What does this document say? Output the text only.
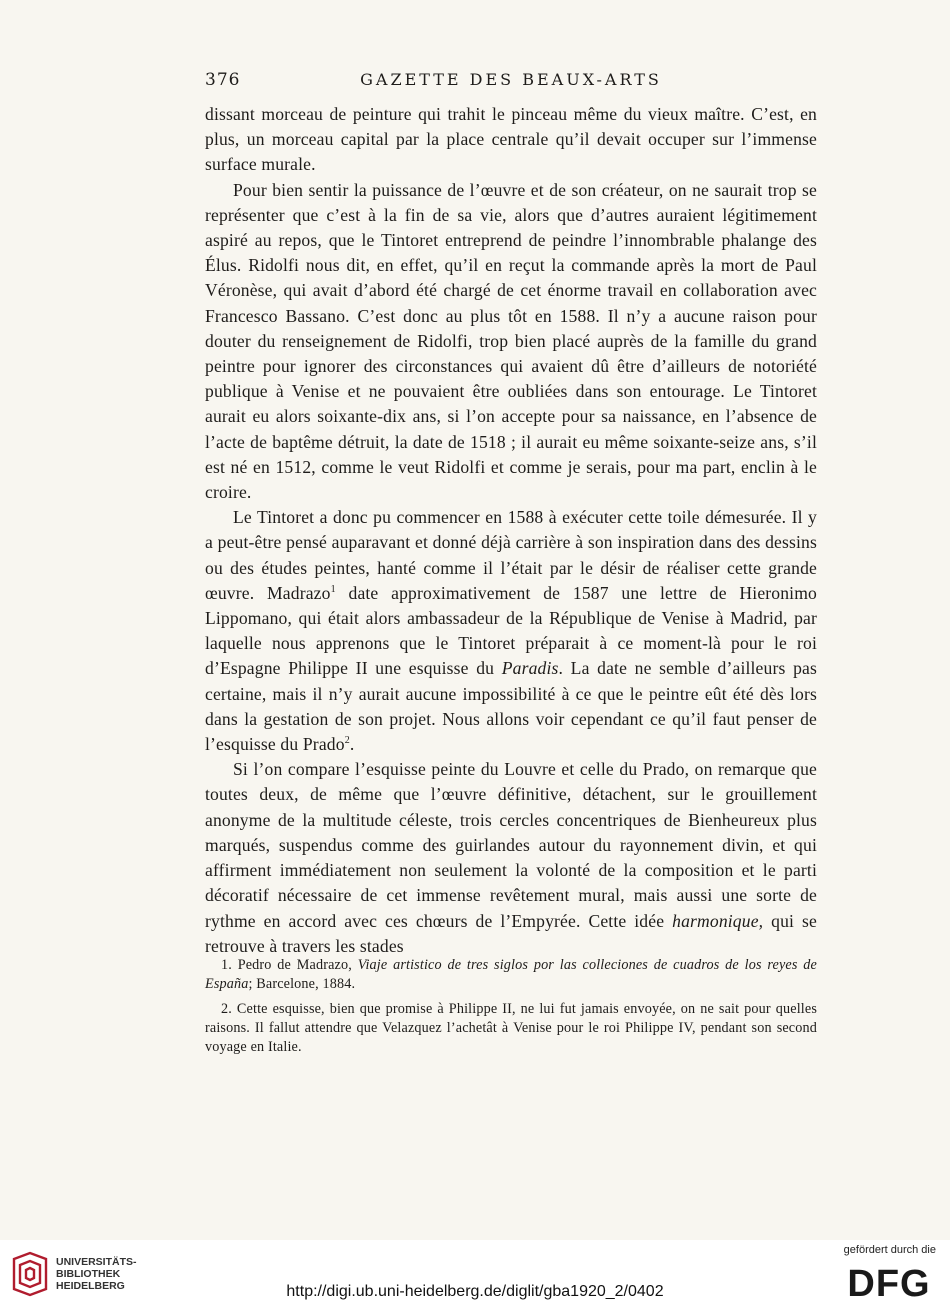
376	GAZETTE DES BEAUX-ARTS

dissant morceau de peinture qui trahit le pinceau même du vieux maître. C’est, en plus, un morceau capital par la place centrale qu’il devait occuper sur l’immense surface murale.

Pour bien sentir la puissance de l’œuvre et de son créateur, on ne saurait trop se représenter que c’est à la fin de sa vie, alors que d’autres auraient légitimement aspiré au repos, que le Tintoret entreprend de peindre l’innombrable phalange des Élus. Ridolfi nous dit, en effet, qu’il en reçut la commande après la mort de Paul Véronèse, qui avait d’abord été chargé de cet énorme travail en collaboration avec Francesco Bassano. C’est donc au plus tôt en 1588. Il n’y a aucune raison pour douter du renseignement de Ridolfi, trop bien placé auprès de la famille du grand peintre pour ignorer des circonstances qui avaient dû être d’ailleurs de notoriété publique à Venise et ne pouvaient être oubliées dans son entourage. Le Tintoret aurait eu alors soixante-dix ans, si l’on accepte pour sa naissance, en l’absence de l’acte de baptême détruit, la date de 1518 ; il aurait eu même soixante-seize ans, s’il est né en 1512, comme le veut Ridolfi et comme je serais, pour ma part, enclin à le croire.

Le Tintoret a donc pu commencer en 1588 à exécuter cette toile démesurée. Il y a peut-être pensé auparavant et donné déjà carrière à son inspiration dans des dessins ou des études peintes, hanté comme il l’était par le désir de réaliser cette grande œuvre. Madrazo$^1$ date approximativement de 1587 une lettre de Hieronimo Lippomano, qui était alors ambassadeur de la République de Venise à Madrid, par laquelle nous apprenons que le Tintoret préparait à ce moment-là pour le roi d’Espagne Philippe II une esquisse du Paradis. La date ne semble d’ailleurs pas certaine, mais il n’y aurait aucune impossibilité à ce que le peintre eût été dès lors dans la gestation de son projet. Nous allons voir cependant ce qu’il faut penser de l’esquisse du Prado$^2$.

Si l’on compare l’esquisse peinte du Louvre et celle du Prado, on remarque que toutes deux, de même que l’œuvre définitive, détachent, sur le grouillement anonyme de la multitude céleste, trois cercles concentriques de Bienheureux plus marqués, suspendus comme des guirlandes autour du rayonnement divin, et qui affirment immédiatement non seulement la volonté de la composition et le parti décoratif nécessaire de cet immense revêtement mural, mais aussi une sorte de rythme en accord avec ces chœurs de l’Empyrée. Cette idée harmonique, qui se retrouve à travers les stades

1. Pedro de Madrazo, Viaje artistico de tres siglos por las colleciones de cuadros de los reyes de España; Barcelone, 1884.

2. Cette esquisse, bien que promise à Philippe II, ne lui fut jamais envoyée, on ne sait pour quelles raisons. Il fallut attendre que Velazquez l’achetât à Venise pour le roi Philippe IV, pendant son second voyage en Italie.

UNIVERSITÄTS-
BIBLIOTHEK
HEIDELBERG	http://digi.ub.uni-heidelberg.de/diglit/gba1920_2/0402
gefördert durch die
DFG
